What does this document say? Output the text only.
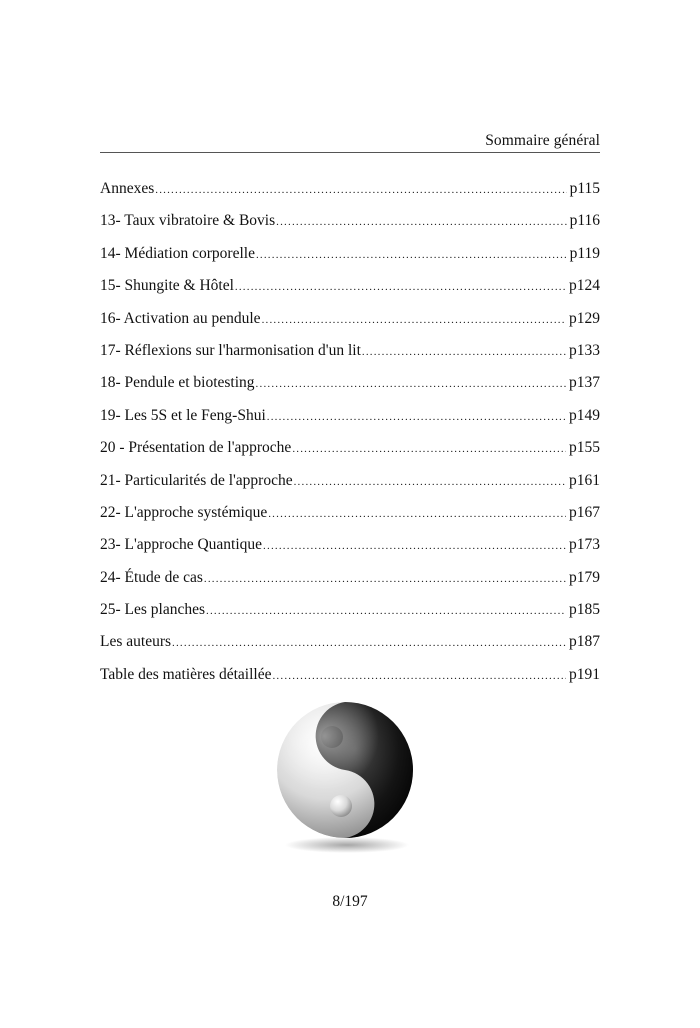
Sommaire général
Annexes .....	p115
13- Taux vibratoire & Bovis .....	p116
14- Médiation corporelle .....	p119
15- Shungite & Hôtel .....	p124
16- Activation au pendule .....	p129
17- Réflexions sur l'harmonisation d'un lit .....	p133
18- Pendule et biotesting .....	p137
19- Les 5S et le Feng-Shui .....	p149
20 - Présentation de l'approche .....	p155
21- Particularités de l'approche .....	p161
22- L'approche systémique .....	p167
23- L'approche Quantique .....	p173
24- Étude de cas .....	p179
25- Les planches .....	p185
Les auteurs .....	p187
Table des matières détaillée .....	p191
8/197
